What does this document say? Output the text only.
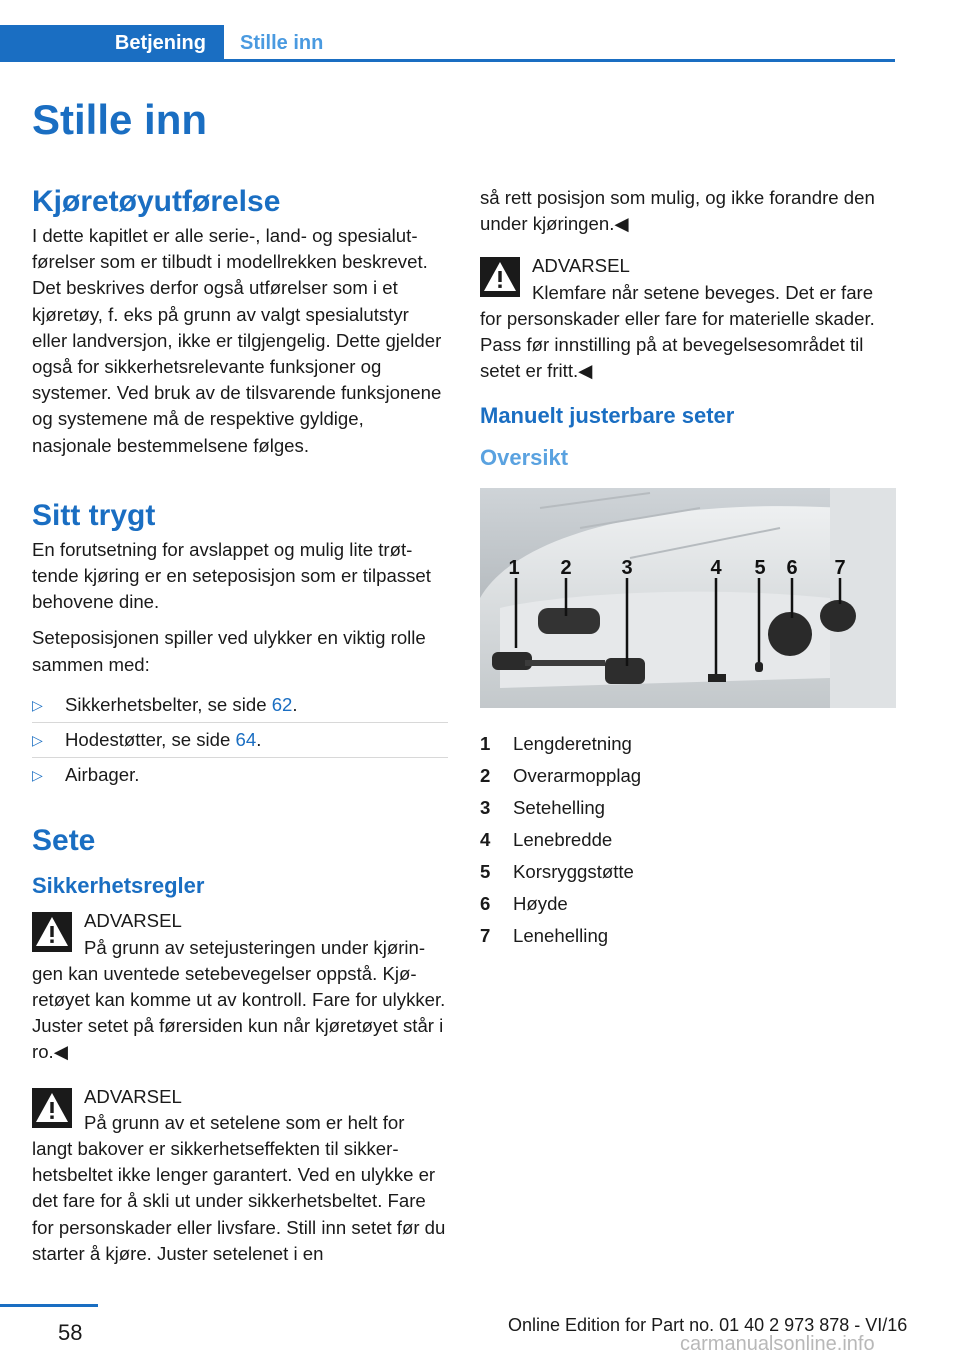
Betjening Stille inn
Stille inn
Kjøretøyutførelse

I dette kapitlet er alle serie-, land- og spesialutførelser som er tilbudt i modellrekken beskrevet. Det beskrives derfor også utførelser som i et kjøretøy, f. eks på grunn av valgt spesialutstyr eller landversjon, ikke er tilgjengelig. Dette gjelder også for sikkerhetsrelevante funksjoner og systemer. Ved bruk av de tilsvarende funksjonene og systemene må de respektive gyldige, nasjonale bestemmelsene følges.

Sitt trygt

En forutsetning for avslappet og mulig lite trøttende kjøring er en seteposisjon som er tilpasset behovene dine.

Seteposisjonen spiller ved ulykker en viktig rolle sammen med:

▷ Sikkerhetsbelter, se side 62.
▷ Hodestøtter, se side 64.
▷ Airbager.
Sete
Sikkerhetsregler
ADVARSEL
På grunn av setejusteringen under kjøringen kan uventede setebevegelser oppstå. Kjøretøyet kan komme ut av kontroll. Fare for ulykker. Juster setet på førersiden kun når kjøretøyet står i ro.◀
ADVARSEL
På grunn av et setelene som er helt for langt bakover er sikkerhetseffekten til sikkerhetsbeltet ikke lenger garantert. Ved en ulykke er det fare for å skli ut under sikkerhetsbeltet. Fare for personskader eller livsfare. Still inn setet før du starter å kjøre. Juster setelenet i en

så rett posisjon som mulig, og ikke forandre den under kjøringen.◀

ADVARSEL
Klemfare når setene beveges. Det er fare for personskader eller fare for materielle skader. Pass før innstilling på at bevegelsesområdet til setet er fritt.◀
Manuelt justerbare seter
Oversikt
1 2 3	4 5 6 7
1	Lengderetning
2	Overarmopplag
3	Setehelling
4	Lenebredde
5	Korsryggstøtte
6	Høyde
7	Lenehelling
58	Online Edition for Part no. 01 40 2 973 878 - VI/16
carmanualsonline.info
